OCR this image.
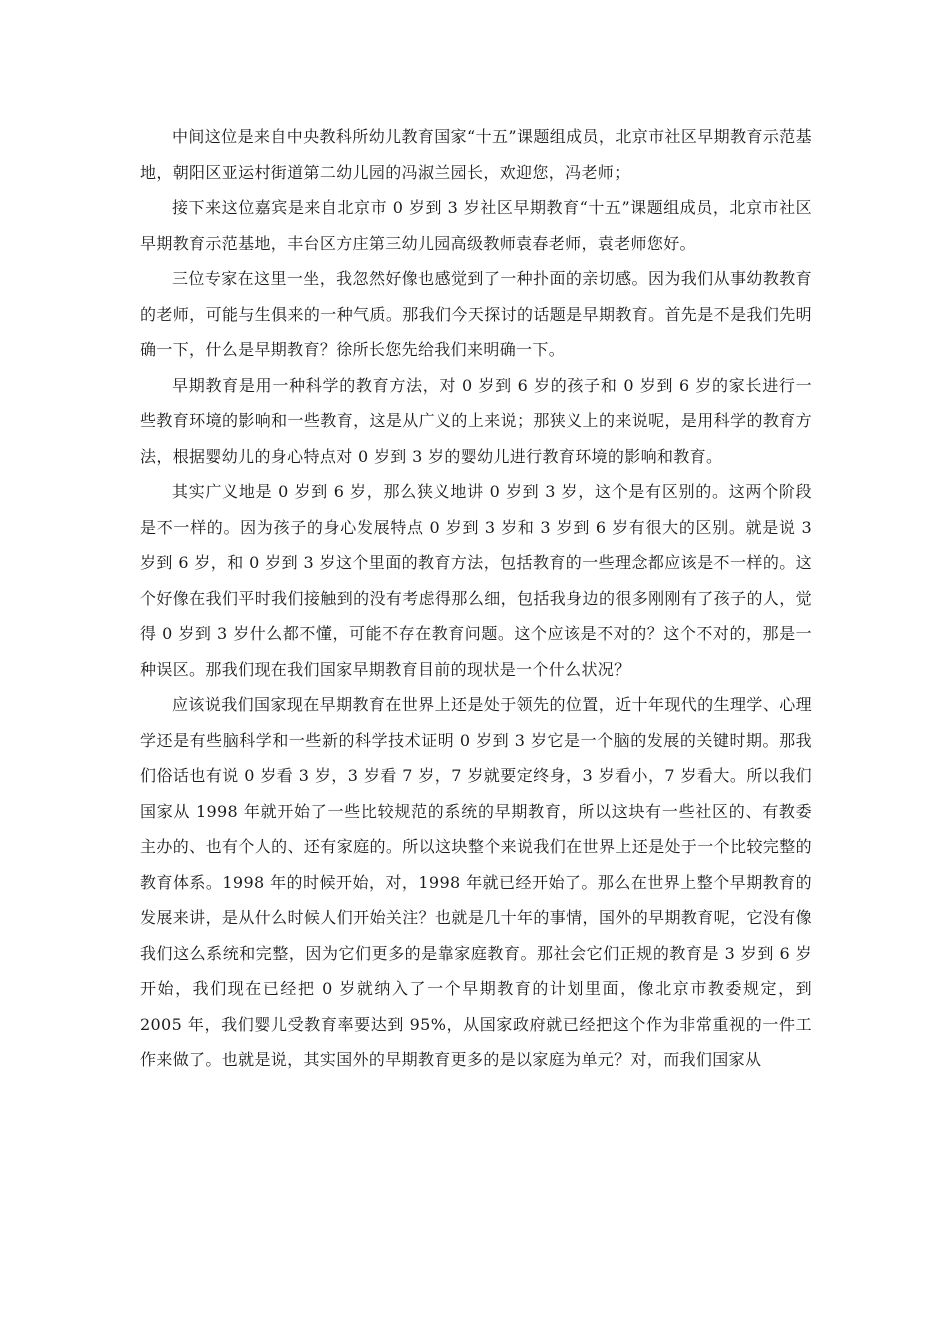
中间这位是来自中央教科所幼儿教育国家“十五”课题组成员，北京市社区早期教育示范基地，朝阳区亚运村街道第二幼儿园的冯淑兰园长，欢迎您，冯老师；

接下来这位嘉宾是来自北京市 0 岁到 3 岁社区早期教育“十五”课题组成员，北京市社区早期教育示范基地，丰台区方庄第三幼儿园高级教师袁春老师，袁老师您好。

三位专家在这里一坐，我忽然好像也感觉到了一种扑面的亲切感。因为我们从事幼教教育的老师，可能与生俱来的一种气质。那我们今天探讨的话题是早期教育。首先是不是我们先明确一下，什么是早期教育？徐所长您先给我们来明确一下。

早期教育是用一种科学的教育方法，对 0 岁到 6 岁的孩子和 0 岁到 6 岁的家长进行一些教育环境的影响和一些教育，这是从广义的上来说；那狭义上的来说呢，是用科学的教育方法，根据婴幼儿的身心特点对 0 岁到 3 岁的婴幼儿进行教育环境的影响和教育。

其实广义地是 0 岁到 6 岁，那么狭义地讲 0 岁到 3 岁，这个是有区别的。这两个阶段是不一样的。因为孩子的身心发展特点 0 岁到 3 岁和 3 岁到 6 岁有很大的区别。就是说 3 岁到 6 岁，和 0 岁到 3 岁这个里面的教育方法，包括教育的一些理念都应该是不一样的。这个好像在我们平时我们接触到的没有考虑得那么细，包括我身边的很多刚刚有了孩子的人，觉得 0 岁到 3 岁什么都不懂，可能不存在教育问题。这个应该是不对的？这个不对的，那是一种误区。那我们现在我们国家早期教育目前的现状是一个什么状况？

应该说我们国家现在早期教育在世界上还是处于领先的位置，近十年现代的生理学、心理学还是有些脑科学和一些新的科学技术证明 0 岁到 3 岁它是一个脑的发展的关键时期。那我们俗话也有说 0 岁看 3 岁，3 岁看 7 岁，7 岁就要定终身，3 岁看小，7 岁看大。所以我们国家从 1998 年就开始了一些比较规范的系统的早期教育，所以这块有一些社区的、有教委主办的、也有个人的、还有家庭的。所以这块整个来说我们在世界上还是处于一个比较完整的教育体系。1998 年的时候开始，对，1998 年就已经开始了。那么在世界上整个早期教育的发展来讲，是从什么时候人们开始关注？也就是几十年的事情，国外的早期教育呢，它没有像我们这么系统和完整，因为它们更多的是靠家庭教育。那社会它们正规的教育是 3 岁到 6 岁开始，我们现在已经把 0 岁就纳入了一个早期教育的计划里面，像北京市教委规定，到 2005 年，我们婴儿受教育率要达到 95%，从国家政府就已经把这个作为非常重视的一件工作来做了。也就是说，其实国外的早期教育更多的是以家庭为单元？对，而我们国家从
